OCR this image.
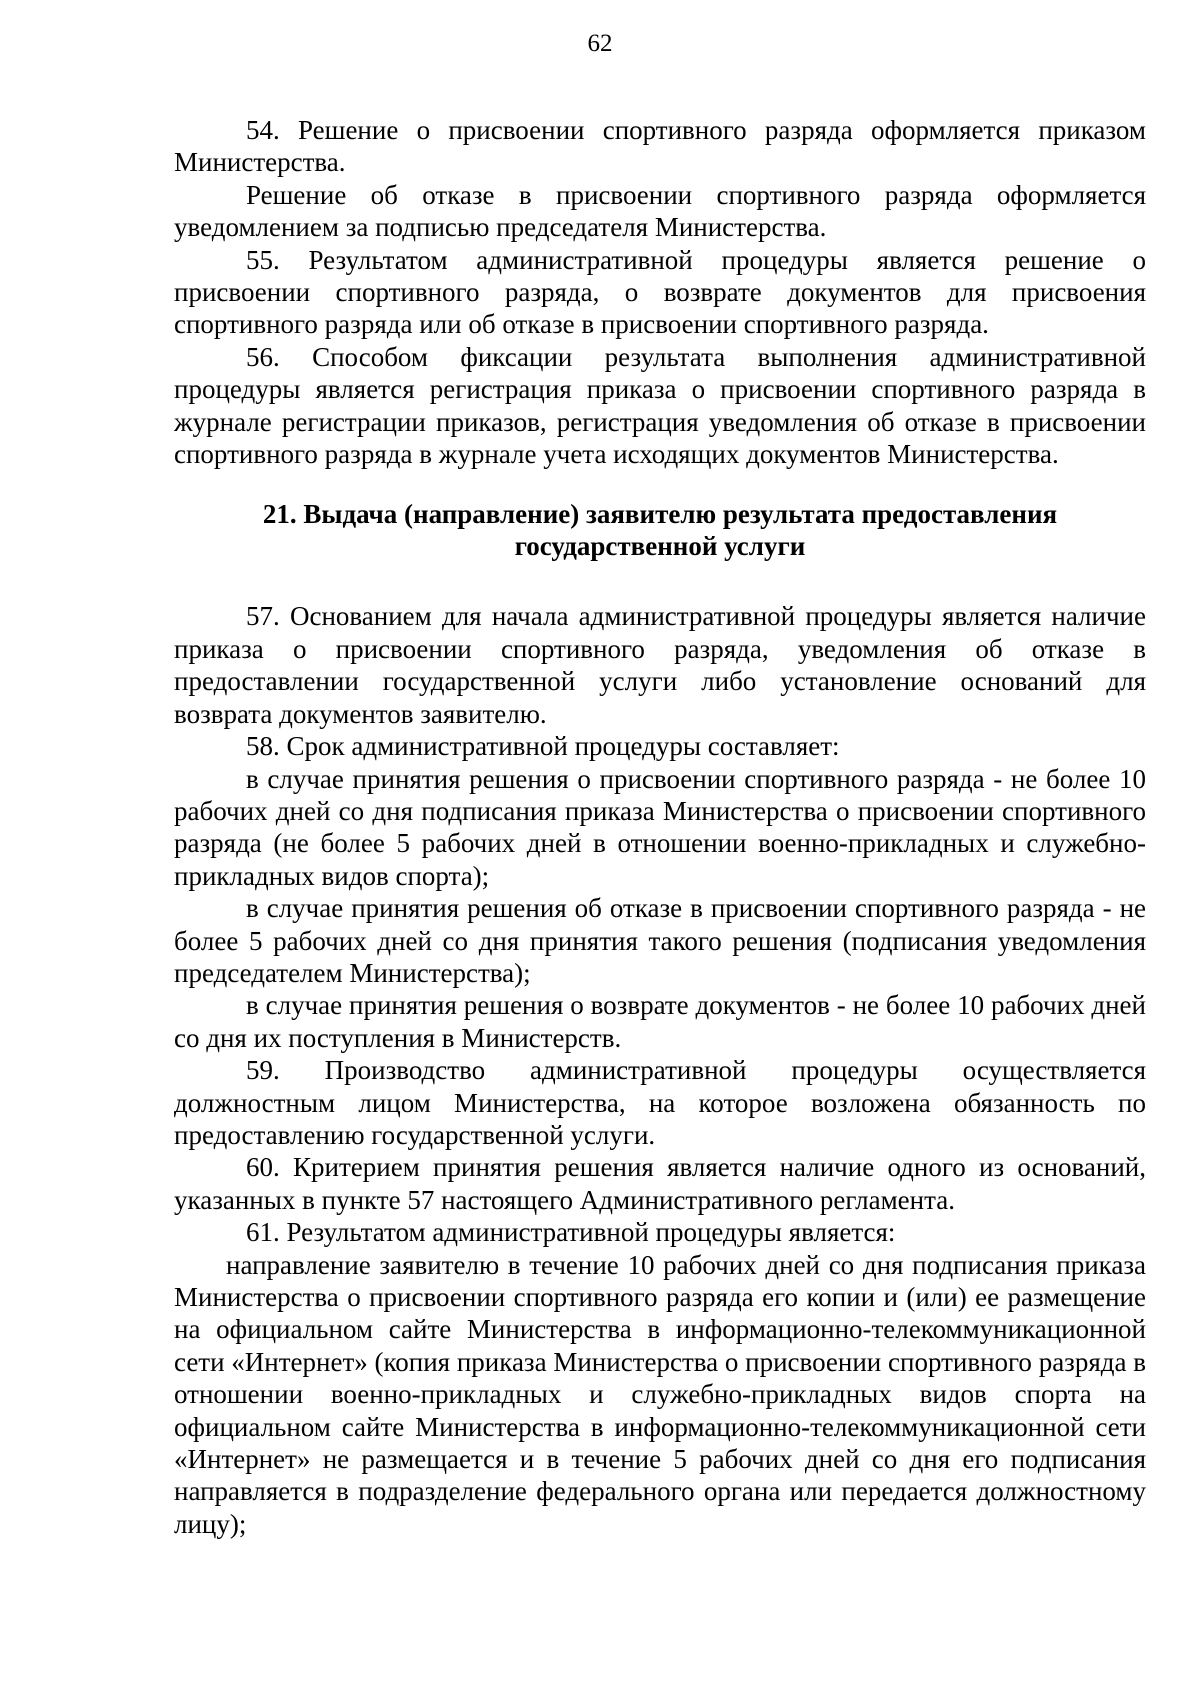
62

54. Решение о присвоении спортивного разряда оформляется приказом Министерства.

Решение об отказе в присвоении спортивного разряда оформляется уведомлением за подписью председателя Министерства.

55. Результатом административной процедуры является решение о присвоении спортивного разряда, о возврате документов для присвоения спортивного разряда или об отказе в присвоении спортивного разряда.

56. Способом фиксации результата выполнения административной процедуры является регистрация приказа о присвоении спортивного разряда в журнале регистрации приказов, регистрация уведомления об отказе в присвоении спортивного разряда в журнале учета исходящих документов Министерства.

21. Выдача (направление) заявителю результата предоставления
государственной услуги

57. Основанием для начала административной процедуры является наличие приказа о присвоении спортивного разряда, уведомления об отказе в предоставлении государственной услуги либо установление оснований для возврата документов заявителю.

58. Срок административной процедуры составляет:

в случае принятия решения о присвоении спортивного разряда - не более 10 рабочих дней со дня подписания приказа Министерства о присвоении спортивного разряда (не более 5 рабочих дней в отношении военно-прикладных и служебно-прикладных видов спорта);

в случае принятия решения об отказе в присвоении спортивного разряда - не более 5 рабочих дней со дня принятия такого решения (подписания уведомления председателем Министерства);

в случае принятия решения о возврате документов - не более 10 рабочих дней со дня их поступления в Министерств.

59. Производство административной процедуры осуществляется должностным лицом Министерства, на которое возложена обязанность по предоставлению государственной услуги.

60. Критерием принятия решения является наличие одного из оснований, указанных в пункте 57 настоящего Административного регламента.

61. Результатом административной процедуры является:

направление заявителю в течение 10 рабочих дней со дня подписания приказа Министерства о присвоении спортивного разряда его копии и (или) ее размещение на официальном сайте Министерства в информационно-телекоммуникационной сети «Интернет» (копия приказа Министерства о присвоении спортивного разряда в отношении военно-прикладных и служебно-прикладных видов спорта на официальном сайте Министерства в информационно-телекоммуникационной сети «Интернет» не размещается и в течение 5 рабочих дней со дня его подписания направляется в подразделение федерального органа или передается должностному лицу);
